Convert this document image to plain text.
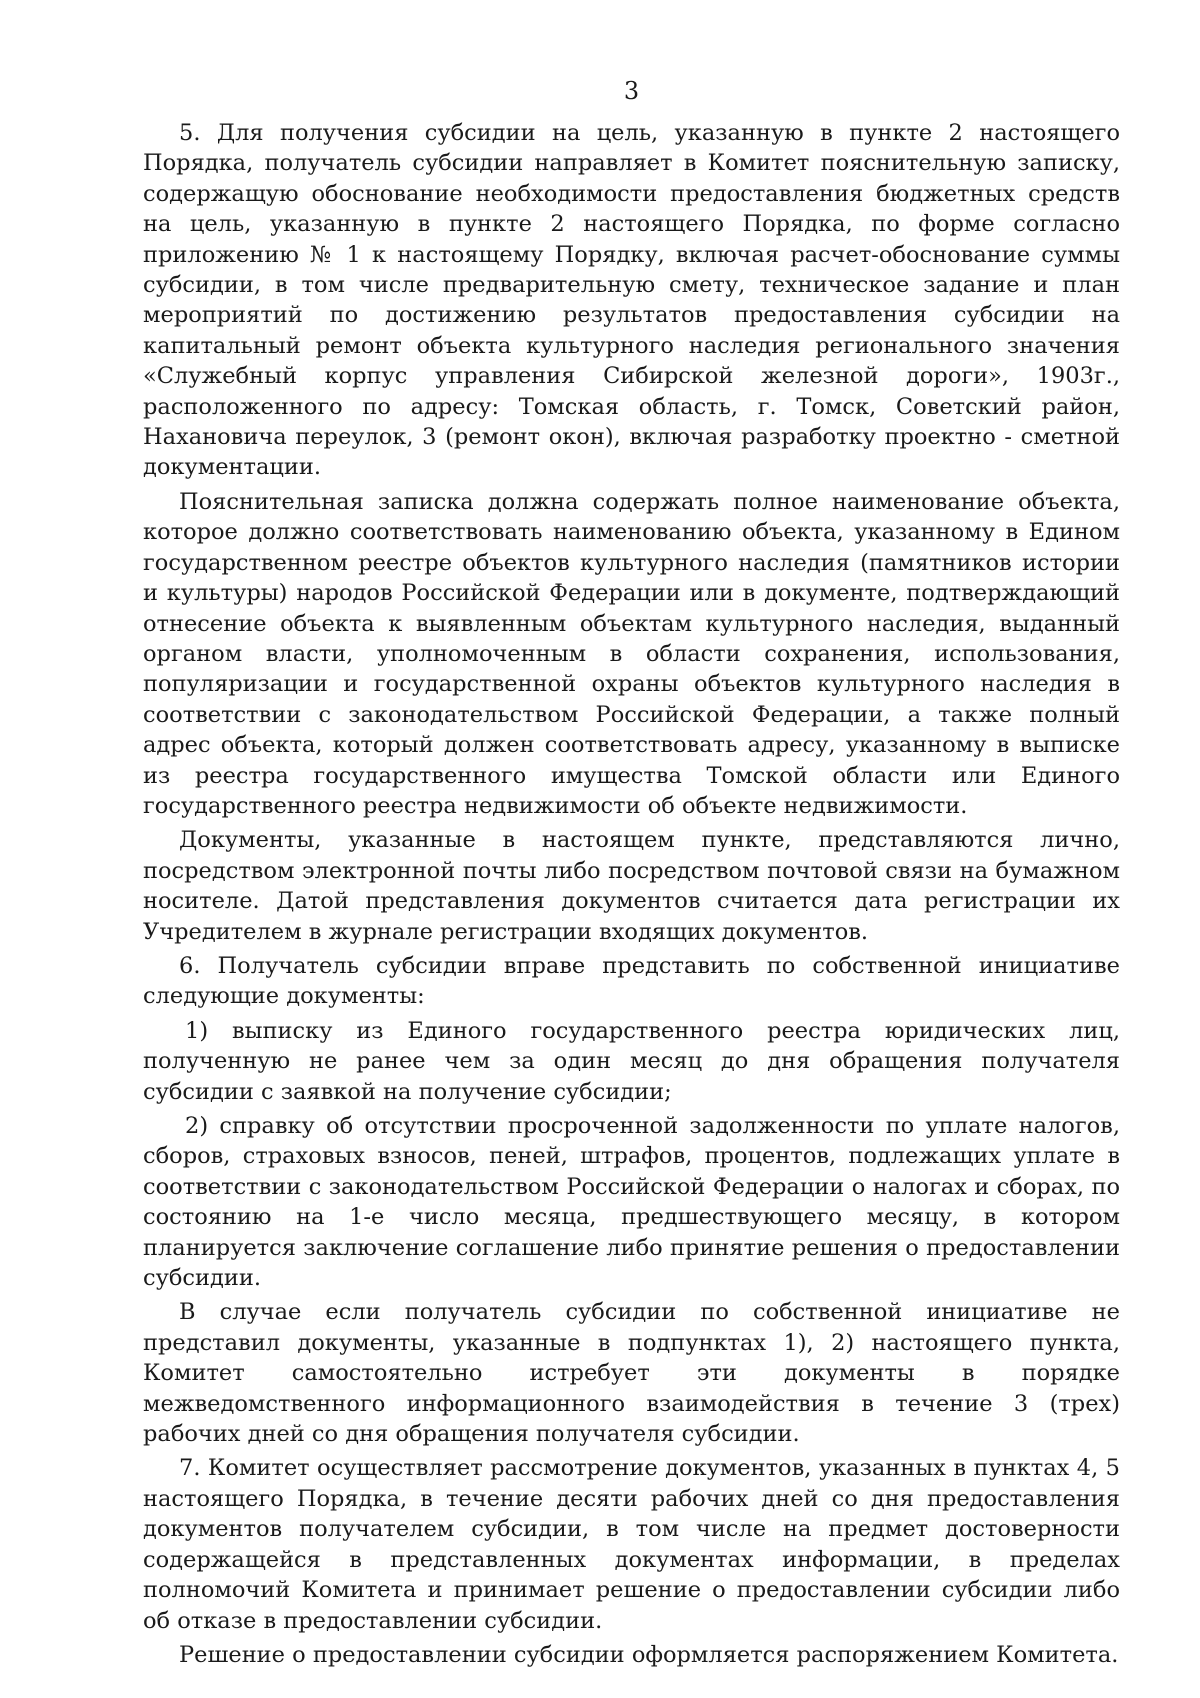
3

5. Для получения субсидии на цель, указанную в пункте 2 настоящего Порядка, получатель субсидии направляет в Комитет пояснительную записку, содержащую обоснование необходимости предоставления бюджетных средств на цель, указанную в пункте 2 настоящего Порядка, по форме согласно приложению № 1 к настоящему Порядку, включая расчет-обоснование суммы субсидии, в том числе предварительную смету, техническое задание и план мероприятий по достижению результатов предоставления субсидии на капитальный ремонт объекта культурного наследия регионального значения «Служебный корпус управления Сибирской железной дороги», 1903г., расположенного по адресу: Томская область, г. Томск, Советский район, Нахановича переулок, 3 (ремонт окон), включая разработку проектно - сметной документации.

Пояснительная записка должна содержать полное наименование объекта, которое должно соответствовать наименованию объекта, указанному в Едином государственном реестре объектов культурного наследия (памятников истории и культуры) народов Российской Федерации или в документе, подтверждающий отнесение объекта к выявленным объектам культурного наследия, выданный органом власти, уполномоченным в области сохранения, использования, популяризации и государственной охраны объектов культурного наследия в соответствии с законодательством Российской Федерации, а также полный адрес объекта, который должен соответствовать адресу, указанному в выписке из реестра государственного имущества Томской области или Единого государственного реестра недвижимости об объекте недвижимости.

Документы, указанные в настоящем пункте, представляются лично, посредством электронной почты либо посредством почтовой связи на бумажном носителе. Датой представления документов считается дата регистрации их Учредителем в журнале регистрации входящих документов.

6. Получатель субсидии вправе представить по собственной инициативе следующие документы:

1) выписку из Единого государственного реестра юридических лиц, полученную не ранее чем за один месяц до дня обращения получателя субсидии с заявкой на получение субсидии;

2) справку об отсутствии просроченной задолженности по уплате налогов, сборов, страховых взносов, пеней, штрафов, процентов, подлежащих уплате в соответствии с законодательством Российской Федерации о налогах и сборах, по состоянию на 1-е число месяца, предшествующего месяцу, в котором планируется заключение соглашение либо принятие решения о предоставлении субсидии.

В случае если получатель субсидии по собственной инициативе не представил документы, указанные в подпунктах 1), 2) настоящего пункта, Комитет самостоятельно истребует эти документы в порядке межведомственного информационного взаимодействия в течение 3 (трех) рабочих дней со дня обращения получателя субсидии.

7. Комитет осуществляет рассмотрение документов, указанных в пунктах 4, 5 настоящего Порядка, в течение десяти рабочих дней со дня предоставления документов получателем субсидии, в том числе на предмет достоверности содержащейся в представленных документах информации, в пределах полномочий Комитета и принимает решение о предоставлении субсидии либо об отказе в предоставлении субсидии.

Решение о предоставлении субсидии оформляется распоряжением Комитета.
